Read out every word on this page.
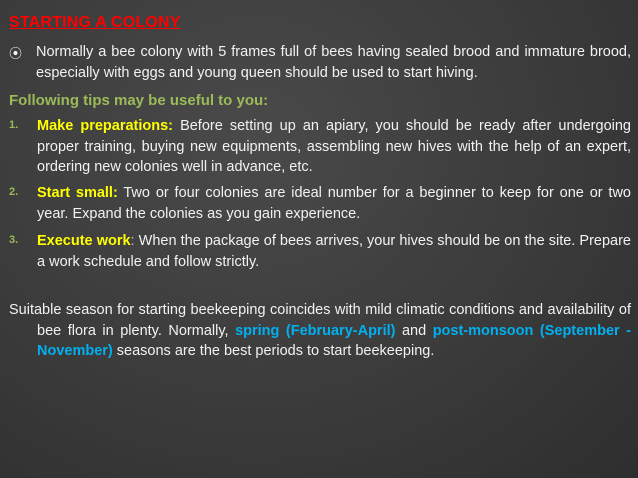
STARTING A COLONY
⦿ Normally a bee colony with 5 frames full of bees having sealed brood and immature brood, especially with eggs and young queen should be used to start hiving.
Following tips may be useful to you:
1. Make preparations: Before setting up an apiary, you should be ready after undergoing proper training, buying new equipments, assembling new hives with the help of an expert, ordering new colonies well in advance, etc.
2. Start small: Two or four colonies are ideal number for a beginner to keep for one or two year. Expand the colonies as you gain experience.
3. Execute work: When the package of bees arrives, your hives should be on the site. Prepare a work schedule and follow strictly.
Suitable season for starting beekeeping coincides with mild climatic conditions and availability of bee flora in plenty. Normally, spring (February-April) and post-monsoon (September - November) seasons are the best periods to start beekeeping.
